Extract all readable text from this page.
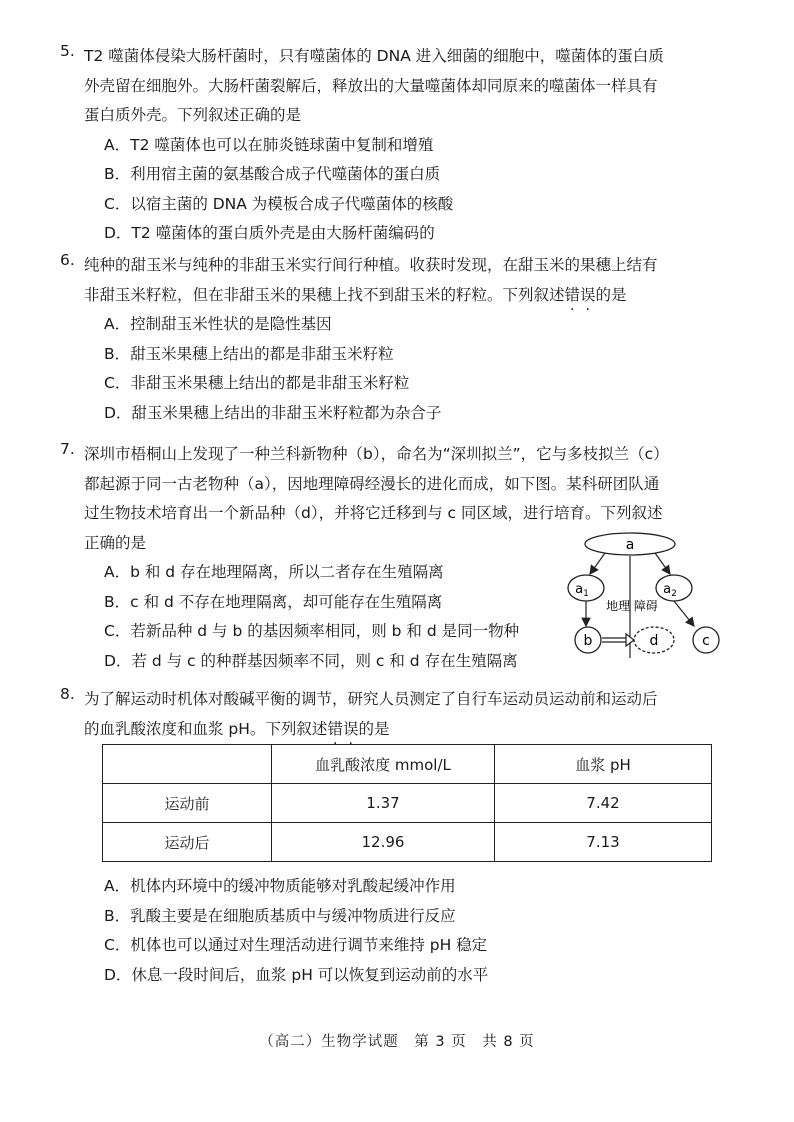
5. T2 噬菌体侵染大肠杆菌时，只有噬菌体的 DNA 进入细菌的细胞中，噬菌体的蛋白质
外壳留在细胞外。大肠杆菌裂解后，释放出的大量噬菌体却同原来的噬菌体一样具有
蛋白质外壳。下列叙述正确的是
A．T2 噬菌体也可以在肺炎链球菌中复制和增殖
B．利用宿主菌的氨基酸合成子代噬菌体的蛋白质
C．以宿主菌的 DNA 为模板合成子代噬菌体的核酸
D．T2 噬菌体的蛋白质外壳是由大肠杆菌编码的
6. 纯种的甜玉米与纯种的非甜玉米实行间行种植。收获时发现，在甜玉米的果穗上结有
非甜玉米籽粒，但在非甜玉米的果穗上找不到甜玉米的籽粒。下列叙述错误的是
A．控制甜玉米性状的是隐性基因
B．甜玉米果穗上结出的都是非甜玉米籽粒
C．非甜玉米果穗上结出的都是非甜玉米籽粒
D．甜玉米果穗上结出的非甜玉米籽粒都为杂合子
7. 深圳市梧桐山上发现了一种兰科新物种（b），命名为“深圳拟兰”，它与多枝拟兰（c）
都起源于同一古老物种（a），因地理障碍经漫长的进化而成，如下图。某科研团队通
过生物技术培育出一个新品种（d），并将它迁移到与 c 同区域，进行培育。下列叙述
正确的是
A．b 和 d 存在地理隔离，所以二者存在生殖隔离
B．c 和 d 不存在地理隔离，却可能存在生殖隔离
C．若新品种 d 与 b 的基因频率相同，则 b 和 d 是同一物种
D．若 d 与 c 的种群基因频率不同，则 c 和 d 存在生殖隔离
a
$a_1$	$a_2$
地理 障碍
b	c
d
8. 为了解运动时机体对酸碱平衡的调节，研究人员测定了自行车运动员运动前和运动后
的血乳酸浓度和血浆 pH。下列叙述错误的是
	血乳酸浓度 mmol/L	血浆 pH
运动前	1.37	7.42
运动后	12.96	7.13
A．机体内环境中的缓冲物质能够对乳酸起缓冲作用
B．乳酸主要是在细胞质基质中与缓冲物质进行反应
C．机体也可以通过对生理活动进行调节来维持 pH 稳定
D．休息一段时间后，血浆 pH 可以恢复到运动前的水平
（高二）生物学试题　第 3 页　共 8 页
